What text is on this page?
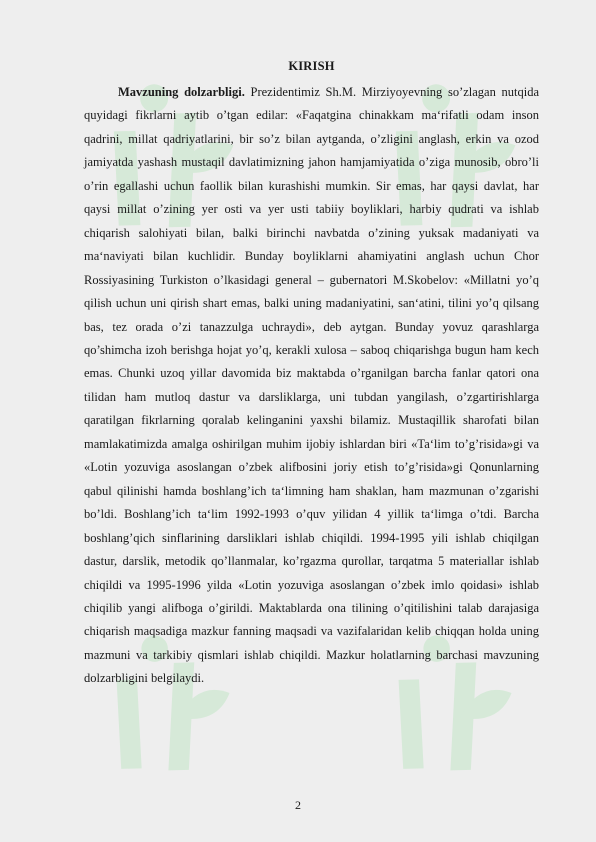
KIRISH

Mavzuning dolzarbligi. Prezidentimiz Sh.M. Mirziyoyevning so’zlagan nutqida quyidagi fikrlarni aytib o’tgan edilar: «Faqatgina chinakkam ma‘rifatli odam inson qadrini, millat qadriyatlarini, bir so’z bilan aytganda, o’zligini anglash, erkin va ozod jamiyatda yashash mustaqil davlatimizning jahon hamjamiyatida o’ziga munosib, obro’li o’rin egallashi uchun faollik bilan kurashishi mumkin. Sir emas, har qaysi davlat, har qaysi millat o’zining yer osti va yer usti tabiiy boyliklari, harbiy qudrati va ishlab chiqarish salohiyati bilan, balki birinchi navbatda o’zining yuksak madaniyati va ma‘naviyati bilan kuchlidir. Bunday boyliklarni ahamiyatini anglash uchun Chor Rossiyasining Turkiston o’lkasidagi general – gubernatori M.Skobelov: «Millatni yo’q qilish uchun uni qirish shart emas, balki uning madaniyatini, san‘atini, tilini yo’q qilsang bas, tez orada o’zi tanazzulga uchraydi», deb aytgan. Bunday yovuz qarashlarga qo’shimcha izoh berishga hojat yo’q, kerakli xulosa – saboq chiqarishga bugun ham kech emas. Chunki uzoq yillar davomida biz maktabda o’rganilgan barcha fanlar qatori ona tilidan ham mutloq dastur va darsliklarga, uni tubdan yangilash, o’zgartirishlarga qaratilgan fikrlarning qoralab kelinganini yaxshi bilamiz. Mustaqillik sharofati bilan mamlakatimizda amalga oshirilgan muhim ijobiy ishlardan biri «Ta‘lim to’g’risida»gi va «Lotin yozuviga asoslangan o’zbek alifbosini joriy etish to’g’risida»gi Qonunlarning qabul qilinishi hamda boshlang’ich ta‘limning ham shaklan, ham mazmunan o’zgarishi bo’ldi. Boshlang’ich ta‘lim 1992-1993 o’quv yilidan 4 yillik ta‘limga o’tdi. Barcha boshlang’qich sinflarining darsliklari ishlab chiqildi. 1994-1995 yili ishlab chiqilgan dastur, darslik, metodik qo’llanmalar, ko’rgazma qurollar, tarqatma 5 materiallar ishlab chiqildi va 1995-1996 yilda «Lotin yozuviga asoslangan o’zbek imlo qoidasi» ishlab chiqilib yangi alifboga o’girildi. Maktablarda ona tilining o’qitilishini talab darajasiga chiqarish maqsadiga mazkur fanning maqsadi va vazifalaridan kelib chiqqan holda uning mazmuni va tarkibiy qismlari ishlab chiqildi. Mazkur holatlarning barchasi mavzuning dolzarbligini belgilaydi.

2
